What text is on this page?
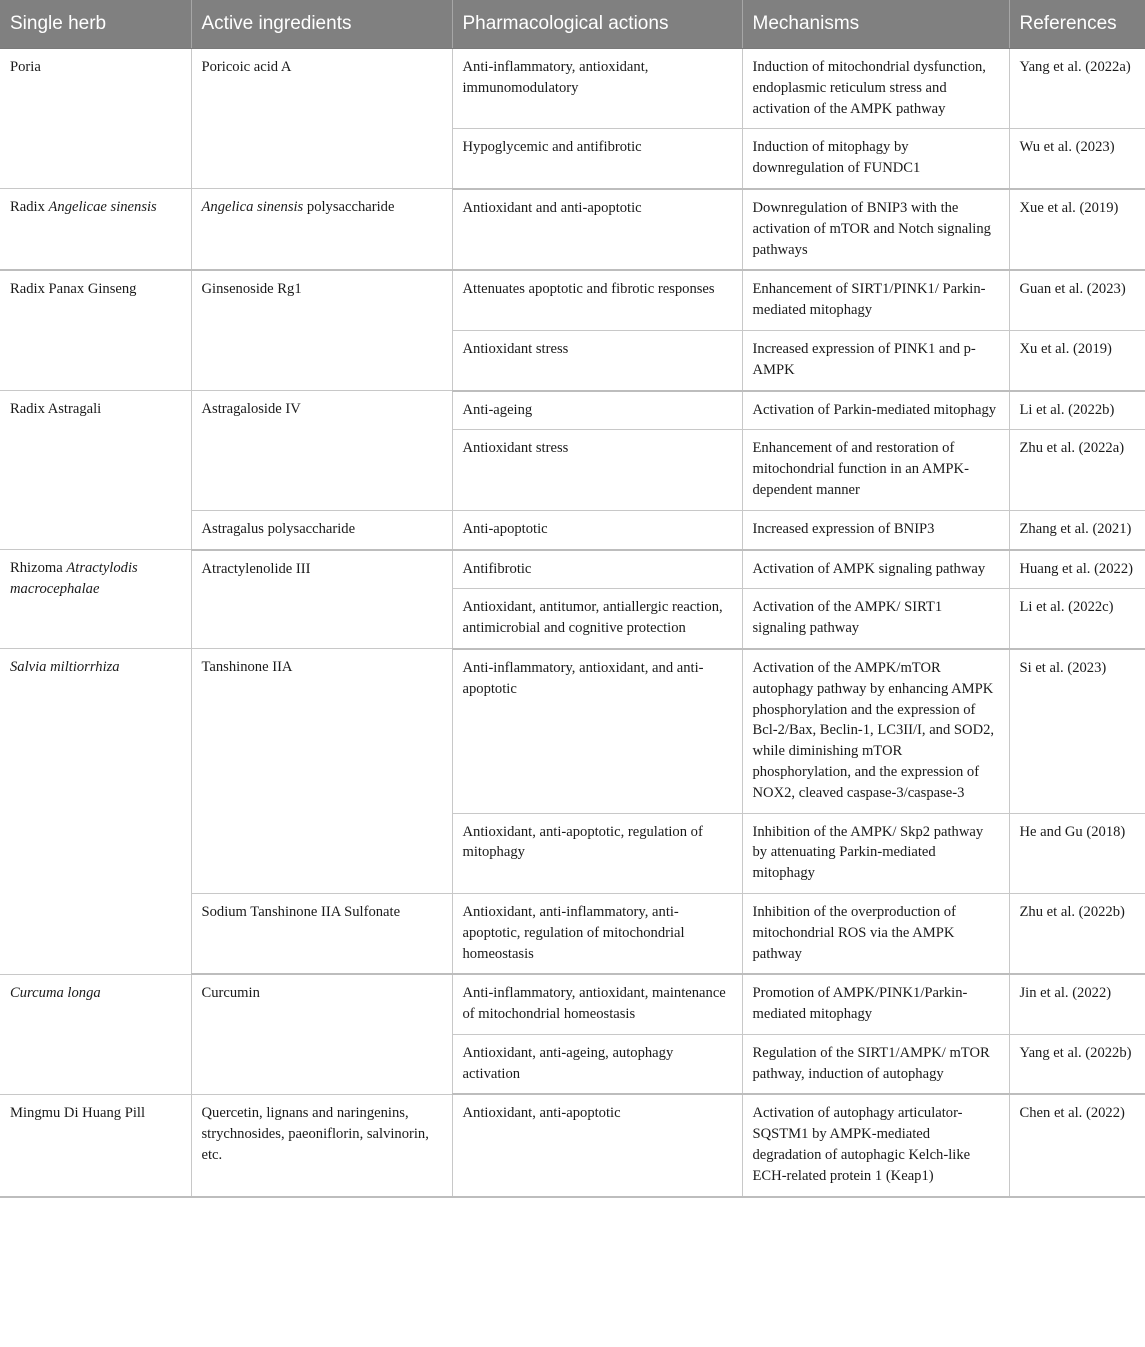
Single herb	Active ingredients	Pharmacological actions	Mechanisms	References
Poria	Poricoic acid A	Anti-inflammatory, antioxidant, immunomodulatory	Induction of mitochondrial dysfunction, endoplasmic reticulum stress and activation of the AMPK pathway	Yang et al. (2022a)
		Hypoglycemic and antifibrotic	Induction of mitophagy by downregulation of FUNDC1	Wu et al. (2023)
Radix Angelicae sinensis	Angelica sinensis polysaccharide	Antioxidant and anti-apoptotic	Downregulation of BNIP3 with the activation of mTOR and Notch signaling pathways	Xue et al. (2019)
Radix Panax Ginseng	Ginsenoside Rg1	Attenuates apoptotic and fibrotic responses	Enhancement of SIRT1/PINK1/ Parkin-mediated mitophagy	Guan et al. (2023)
		Antioxidant stress	Increased expression of PINK1 and p-AMPK	Xu et al. (2019)
Radix Astragali	Astragaloside IV	Anti-ageing	Activation of Parkin-mediated mitophagy	Li et al. (2022b)
		Antioxidant stress	Enhancement of and restoration of mitochondrial function in an AMPK-dependent manner	Zhu et al. (2022a)
	Astragalus polysaccharide	Anti-apoptotic	Increased expression of BNIP3	Zhang et al. (2021)
Rhizoma Atractylodis macrocephalae	Atractylenolide III	Antifibrotic	Activation of AMPK signaling pathway	Huang et al. (2022)
		Antioxidant, antitumor, antiallergic reaction, antimicrobial and cognitive protection	Activation of the AMPK/ SIRT1 signaling pathway	Li et al. (2022c)
Salvia miltiorrhiza	Tanshinone IIA	Anti-inflammatory, antioxidant, and anti-apoptotic	Activation of the AMPK/mTOR autophagy pathway by enhancing AMPK phosphorylation and the expression of Bcl-2/Bax, Beclin-1, LC3II/I, and SOD2, while diminishing mTOR phosphorylation, and the expression of NOX2, cleaved caspase-3/caspase-3	Si et al. (2023)
		Antioxidant, anti-apoptotic, regulation of mitophagy	Inhibition of the AMPK/ Skp2 pathway by attenuating Parkin-mediated mitophagy	He and Gu (2018)
	Sodium Tanshinone IIA Sulfonate	Antioxidant, anti-inflammatory, anti-apoptotic, regulation of mitochondrial homeostasis	Inhibition of the overproduction of mitochondrial ROS via the AMPK pathway	Zhu et al. (2022b)
Curcuma longa	Curcumin	Anti-inflammatory, antioxidant, maintenance of mitochondrial homeostasis	Promotion of AMPK/PINK1/Parkin-mediated mitophagy	Jin et al. (2022)
		Antioxidant, anti-ageing, autophagy activation	Regulation of the SIRT1/AMPK/ mTOR pathway, induction of autophagy	Yang et al. (2022b)
Mingmu Di Huang Pill	Quercetin, lignans and naringenins, strychnosides, paeoniflorin, salvinorin, etc.	Antioxidant, anti-apoptotic	Activation of autophagy articulator-SQSTM1 by AMPK-mediated degradation of autophagic Kelch-like ECH-related protein 1 (Keap1)	Chen et al. (2022)
